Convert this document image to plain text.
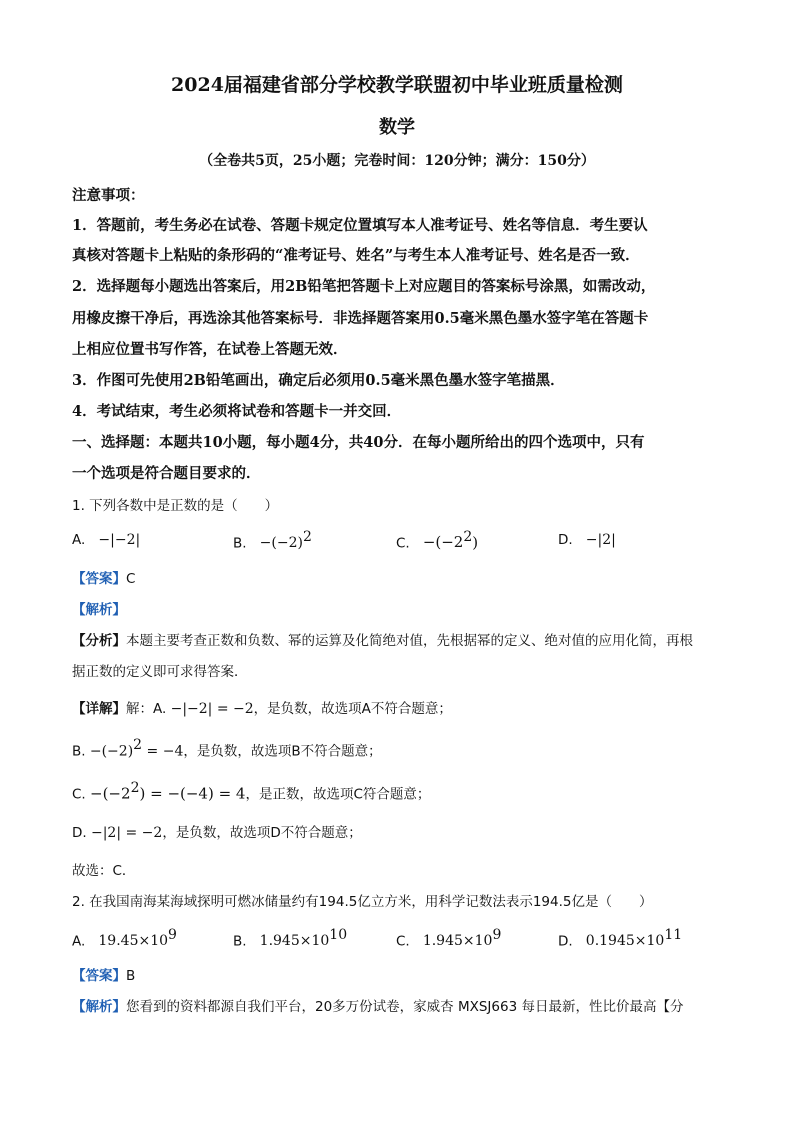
2024届福建省部分学校教学联盟初中毕业班质量检测
数学
（全卷共5页，25小题；完卷时间：120分钟；满分：150分）
注意事项：
1．答题前，考生务必在试卷、答题卡规定位置填写本人准考证号、姓名等信息．考生要认
真核对答题卡上粘贴的条形码的“准考证号、姓名”与考生本人准考证号、姓名是否一致．
2．选择题每小题选出答案后，用2B铅笔把答题卡上对应题目的答案标号涂黑，如需改动，
用橡皮擦干净后，再选涂其他答案标号．非选择题答案用0.5毫米黑色墨水签字笔在答题卡
上相应位置书写作答，在试卷上答题无效．
3．作图可先使用2B铅笔画出，确定后必须用0.5毫米黑色墨水签字笔描黑．
4．考试结束，考生必须将试卷和答题卡一并交回．
一、选择题：本题共10小题，每小题4分，共40分．在每小题所给出的四个选项中，只有
一个选项是符合题目要求的．
1. 下列各数中是正数的是（　　）
A. −|−2|	B. $-(-2)^2$	C. $-(-2^2)$	D. −|2|
【答案】C
【解析】
【分析】本题主要考查正数和负数、幂的运算及化简绝对值，先根据幂的定义、绝对值的应用化简，再根
据正数的定义即可求得答案．
【详解】解：A. −|−2| = −2，是负数，故选项A不符合题意；
B. $-(-2)^2 = -4$，是负数，故选项B不符合题意；
C. $-(-2^2) = -(-4) = 4$，是正数，故选项C符合题意；
D. −|2| = −2，是负数，故选项D不符合题意；
故选：C．
2. 在我国南海某海域探明可燃冰储量约有194.5亿立方米，用科学记数法表示194.5亿是（　　）
A. $19.45\times 10^9$	B. $1.945\times 10^{10}$	C. $1.945\times 10^9$	D. $0.1945\times 10^{11}$
【答案】B
【解析】您看到的资料都源自我们平台，20多万份试卷，家威杏 MXSJ663 每日最新，性比价最高【分
